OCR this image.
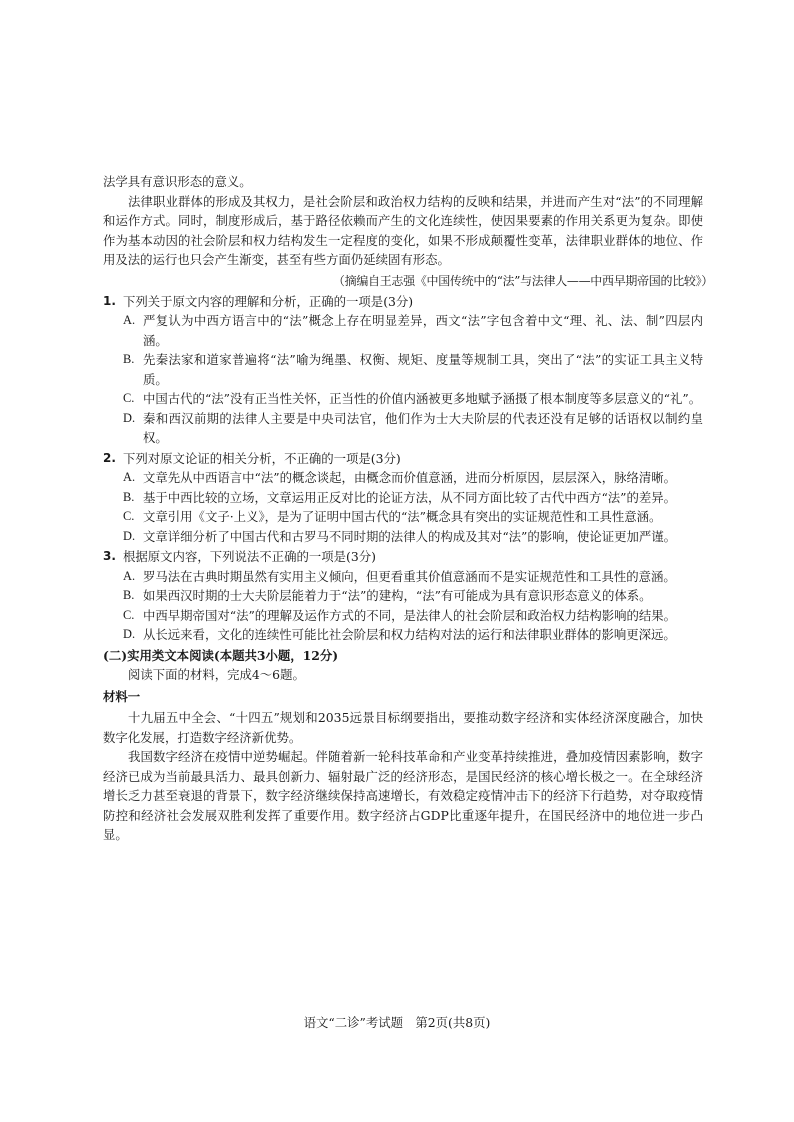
法学具有意识形态的意义。

法律职业群体的形成及其权力，是社会阶层和政治权力结构的反映和结果，并进而产生对“法”的不同理解和运作方式。同时，制度形成后，基于路径依赖而产生的文化连续性，使因果要素的作用关系更为复杂。即使作为基本动因的社会阶层和权力结构发生一定程度的变化，如果不形成颠覆性变革，法律职业群体的地位、作用及法的运行也只会产生渐变，甚至有些方面仍延续固有形态。

（摘编自王志强《中国传统中的“法”与法律人——中西早期帝国的比较》）

1. 下列关于原文内容的理解和分析，正确的一项是(3分)
A. 严复认为中西方语言中的“法”概念上存在明显差异，西文“法”字包含着中文“理、礼、法、制”四层内涵。
B. 先秦法家和道家普遍将“法”喻为绳墨、权衡、规矩、度量等规制工具，突出了“法”的实证工具主义特质。
C. 中国古代的“法”没有正当性关怀，正当性的价值内涵被更多地赋予涵摄了根本制度等多层意义的“礼”。
D. 秦和西汉前期的法律人主要是中央司法官，他们作为士大夫阶层的代表还没有足够的话语权以制约皇权。
2. 下列对原文论证的相关分析，不正确的一项是(3分)
A. 文章先从中西语言中“法”的概念谈起，由概念而价值意涵，进而分析原因，层层深入，脉络清晰。
B. 基于中西比较的立场，文章运用正反对比的论证方法，从不同方面比较了古代中西方“法”的差异。
C. 文章引用《文子·上义》，是为了证明中国古代的“法”概念具有突出的实证规范性和工具性意涵。
D. 文章详细分析了中国古代和古罗马不同时期的法律人的构成及其对“法”的影响，使论证更加严谨。
3. 根据原文内容，下列说法不正确的一项是(3分)
A. 罗马法在古典时期虽然有实用主义倾向，但更看重其价值意涵而不是实证规范性和工具性的意涵。
B. 如果西汉时期的士大夫阶层能着力于“法”的建构，“法”有可能成为具有意识形态意义的体系。
C. 中西早期帝国对“法”的理解及运作方式的不同，是法律人的社会阶层和政治权力结构影响的结果。
D. 从长远来看，文化的连续性可能比社会阶层和权力结构对法的运行和法律职业群体的影响更深远。

(二)实用类文本阅读(本题共3小题，12分)

阅读下面的材料，完成4～6题。

材料一

十九届五中全会、“十四五”规划和2035远景目标纲要指出，要推动数字经济和实体经济深度融合，加快数字化发展，打造数字经济新优势。

我国数字经济在疫情中逆势崛起。伴随着新一轮科技革命和产业变革持续推进，叠加疫情因素影响，数字经济已成为当前最具活力、最具创新力、辐射最广泛的经济形态，是国民经济的核心增长极之一。在全球经济增长乏力甚至衰退的背景下，数字经济继续保持高速增长，有效稳定疫情冲击下的经济下行趋势，对夺取疫情防控和经济社会发展双胜利发挥了重要作用。数字经济占GDP比重逐年提升，在国民经济中的地位进一步凸显。

语文“二诊”考试题　第2页(共8页)
